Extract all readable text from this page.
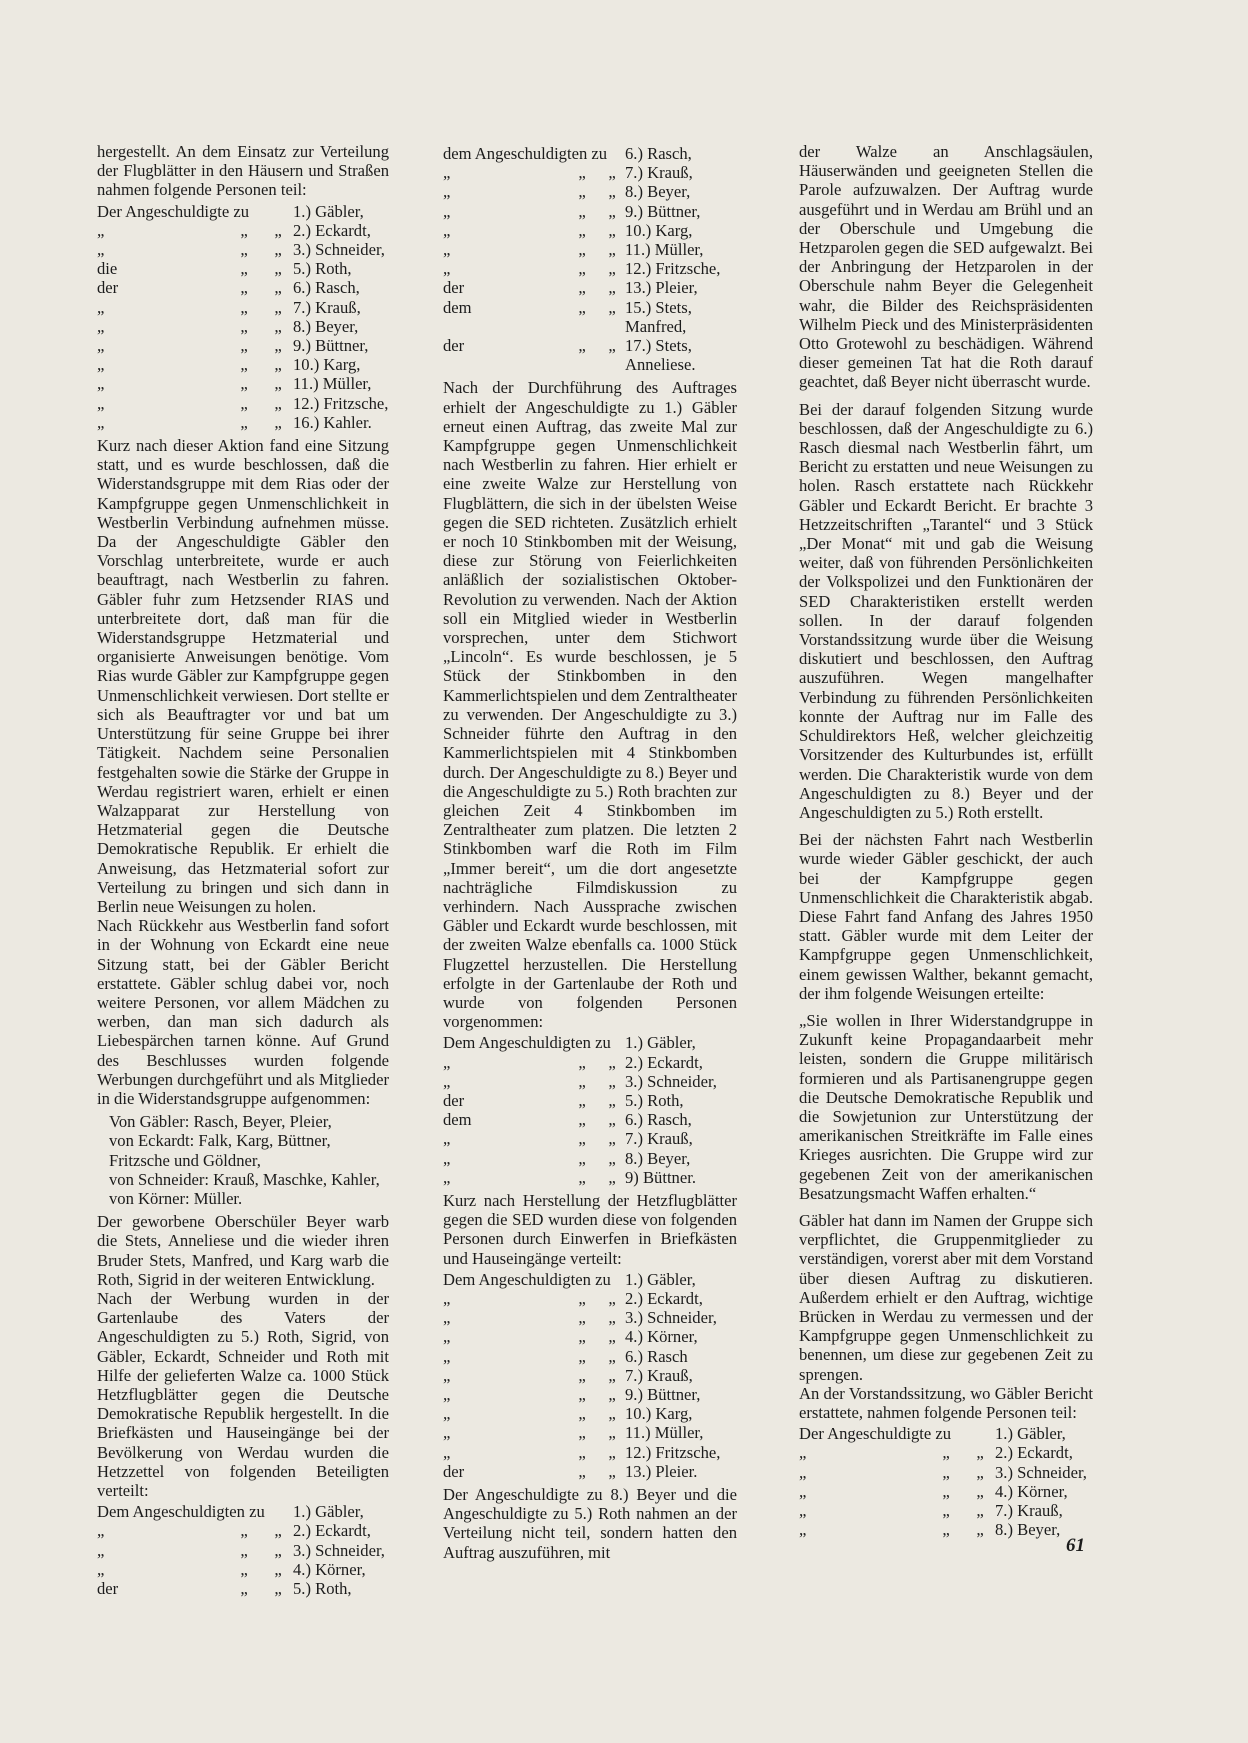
hergestellt. An dem Einsatz zur Verteilung der Flugblätter in den Häusern und Straßen nahmen folgende Personen teil:

Der Angeschuldigte zu	1.) Gäbler,
„	„	„ 2.) Eckardt,
„	„	„ 3.) Schneider,
die	„	„ 5.) Roth,
der	„	„ 6.) Rasch,
„	„	„ 7.) Krauß,
„	„	„ 8.) Beyer,
„	„	„ 9.) Büttner,
„	„	„ 10.) Karg,
„	„	„ 11.) Müller,
„	„	„ 12.) Fritzsche,
„	„	„ 16.) Kahler.

Kurz nach dieser Aktion fand eine Sitzung statt, und es wurde beschlossen, daß die Widerstandsgruppe mit dem Rias oder der Kampfgruppe gegen Unmenschlichkeit in Westberlin Verbindung aufnehmen müsse. Da der Angeschuldigte Gäbler den Vorschlag unterbreitete, wurde er auch beauftragt, nach Westberlin zu fahren. Gäbler fuhr zum Hetzsender RIAS und unterbreitete dort, daß man für die Widerstandsgruppe Hetzmaterial und organisierte Anweisungen benötige. Vom Rias wurde Gäbler zur Kampfgruppe gegen Unmenschlichkeit verwiesen. Dort stellte er sich als Beauftragter vor und bat um Unterstützung für seine Gruppe bei ihrer Tätigkeit. Nachdem seine Personalien festgehalten sowie die Stärke der Gruppe in Werdau registriert waren, erhielt er einen Walzapparat zur Herstellung von Hetzmaterial gegen die Deutsche Demokratische Republik. Er erhielt die Anweisung, das Hetzmaterial sofort zur Verteilung zu bringen und sich dann in Berlin neue Weisungen zu holen.

Nach Rückkehr aus Westberlin fand sofort in der Wohnung von Eckardt eine neue Sitzung statt, bei der Gäbler Bericht erstattete. Gäbler schlug dabei vor, noch weitere Personen, vor allem Mädchen zu werben, dan man sich dadurch als Liebespärchen tarnen könne. Auf Grund des Beschlusses wurden folgende Werbungen durchgeführt und als Mitglieder in die Widerstandsgruppe aufgenommen:

Von Gäbler: Rasch, Beyer, Pleier,
von Eckardt: Falk, Karg, Büttner, Fritzsche und Göldner,
von Schneider: Krauß, Maschke, Kahler,
von Körner: Müller.

Der geworbene Oberschüler Beyer warb die Stets, Anneliese und die wieder ihren Bruder Stets, Manfred, und Karg warb die Roth, Sigrid in der weiteren Entwicklung.

Nach der Werbung wurden in der Gartenlaube des Vaters der Angeschuldigten zu 5.) Roth, Sigrid, von Gäbler, Eckardt, Schneider und Roth mit Hilfe der gelieferten Walze ca. 1000 Stück Hetzflugblätter gegen die Deutsche Demokratische Republik hergestellt. In die Briefkästen und Hauseingänge bei der Bevölkerung von Werdau wurden die Hetzzettel von folgenden Beteiligten verteilt:

Dem Angeschuldigten zu 1.) Gäbler,
„	„	„ 2.) Eckardt,
„	„	„ 3.) Schneider,
„	„	„ 4.) Körner,
der	„	„ 5.) Roth,
dem Angeschuldigten zu 6.) Rasch,
„	„	„ 7.) Krauß,
„	„	„ 8.) Beyer,
„	„	„ 9.) Büttner,
„	„	„ 10.) Karg,
„	„	„ 11.) Müller,
„	„	„ 12.) Fritzsche,
der	„	„ 13.) Pleier,
dem	„	„ 15.) Stets,
Manfred,
der	„	„ 17.) Stets,
Anneliese.

Nach der Durchführung des Auftrages erhielt der Angeschuldigte zu 1.) Gäbler erneut einen Auftrag, das zweite Mal zur Kampfgruppe gegen Unmenschlichkeit nach Westberlin zu fahren. Hier erhielt er eine zweite Walze zur Herstellung von Flugblättern, die sich in der übelsten Weise gegen die SED richteten. Zusätzlich erhielt er noch 10 Stinkbomben mit der Weisung, diese zur Störung von Feierlichkeiten anläßlich der sozialistischen Oktober-Revolution zu verwenden. Nach der Aktion soll ein Mitglied wieder in Westberlin vorsprechen, unter dem Stichwort „Lincoln“. Es wurde beschlossen, je 5 Stück der Stinkbomben in den Kammerlichtspielen und dem Zentraltheater zu verwenden. Der Angeschuldigte zu 3.) Schneider führte den Auftrag in den Kammerlichtspielen mit 4 Stinkbomben durch. Der Angeschuldigte zu 8.) Beyer und die Angeschuldigte zu 5.) Roth brachten zur gleichen Zeit 4 Stinkbomben im Zentraltheater zum platzen. Die letzten 2 Stinkbomben warf die Roth im Film „Immer bereit“, um die dort angesetzte nachträgliche Filmdiskussion zu verhindern. Nach Aussprache zwischen Gäbler und Eckardt wurde beschlossen, mit der zweiten Walze ebenfalls ca. 1000 Stück Flugzettel herzustellen. Die Herstellung erfolgte in der Gartenlaube der Roth und wurde von folgenden Personen vorgenommen:

Dem Angeschuldigten zu 1.) Gäbler,
„	„	„ 2.) Eckardt,
„	„	„ 3.) Schneider,
der	„	„ 5.) Roth,
dem	„	„ 6.) Rasch,
„	„	„ 7.) Krauß,
„	„	„ 8.) Beyer,
„	„	„ 9) Büttner.

Kurz nach Herstellung der Hetzflugblätter gegen die SED wurden diese von folgenden Personen durch Einwerfen in Briefkästen und Hauseingänge verteilt:

Dem Angeschuldigten zu 1.) Gäbler,
„	„	„ 2.) Eckardt,
„	„	„ 3.) Schneider,
„	„	„ 4.) Körner,
„	„	„ 6.) Rasch
„	„	„ 7.) Krauß,
„	„	„ 9.) Büttner,
„	„	„ 10.) Karg,
„	„	„ 11.) Müller,
„	„	„ 12.) Fritzsche,
der	„	„ 13.) Pleier.

Der Angeschuldigte zu 8.) Beyer und die Angeschuldigte zu 5.) Roth nahmen an der Verteilung nicht teil, sondern hatten den Auftrag auszuführen, mit

der Walze an Anschlagsäulen, Häuserwänden und geeigneten Stellen die Parole aufzuwalzen. Der Auftrag wurde ausgeführt und in Werdau am Brühl und an der Oberschule und Umgebung die Hetzparolen gegen die SED aufgewalzt. Bei der Anbringung der Hetzparolen in der Oberschule nahm Beyer die Gelegenheit wahr, die Bilder des Reichspräsidenten Wilhelm Pieck und des Ministerpräsidenten Otto Grotewohl zu beschädigen. Während dieser gemeinen Tat hat die Roth darauf geachtet, daß Beyer nicht überrascht wurde.

Bei der darauf folgenden Sitzung wurde beschlossen, daß der Angeschuldigte zu 6.) Rasch diesmal nach Westberlin fährt, um Bericht zu erstatten und neue Weisungen zu holen. Rasch erstattete nach Rückkehr Gäbler und Eckardt Bericht. Er brachte 3 Hetzzeitschriften „Tarantel“ und 3 Stück „Der Monat“ mit und gab die Weisung weiter, daß von führenden Persönlichkeiten der Volkspolizei und den Funktionären der SED Charakteristiken erstellt werden sollen. In der darauf folgenden Vorstandssitzung wurde über die Weisung diskutiert und beschlossen, den Auftrag auszuführen. Wegen mangelhafter Verbindung zu führenden Persönlichkeiten konnte der Auftrag nur im Falle des Schuldirektors Heß, welcher gleichzeitig Vorsitzender des Kulturbundes ist, erfüllt werden. Die Charakteristik wurde von dem Angeschuldigten zu 8.) Beyer und der Angeschuldigten zu 5.) Roth erstellt.

Bei der nächsten Fahrt nach Westberlin wurde wieder Gäbler geschickt, der auch bei der Kampfgruppe gegen Unmenschlichkeit die Charakteristik abgab. Diese Fahrt fand Anfang des Jahres 1950 statt. Gäbler wurde mit dem Leiter der Kampfgruppe gegen Unmenschlichkeit, einem gewissen Walther, bekannt gemacht, der ihm folgende Weisungen erteilte:

„Sie wollen in Ihrer Widerstandgruppe in Zukunft keine Propagandaarbeit mehr leisten, sondern die Gruppe militärisch formieren und als Partisanengruppe gegen die Deutsche Demokratische Republik und die Sowjetunion zur Unterstützung der amerikanischen Streitkräfte im Falle eines Krieges ausrichten. Die Gruppe wird zur gegebenen Zeit von der amerikanischen Besatzungsmacht Waffen erhalten.“

Gäbler hat dann im Namen der Gruppe sich verpflichtet, die Gruppenmitglieder zu verständigen, vorerst aber mit dem Vorstand über diesen Auftrag zu diskutieren. Außerdem erhielt er den Auftrag, wichtige Brücken in Werdau zu vermessen und der Kampfgruppe gegen Unmenschlichkeit zu benennen, um diese zur gegebenen Zeit zu sprengen.

An der Vorstandssitzung, wo Gäbler Bericht erstattete, nahmen folgende Personen teil:

Der Angeschuldigte zu	1.) Gäbler,
„	„	„ 2.) Eckardt,
„	„	„ 3.) Schneider,
„	„	„ 4.) Körner,
„	„	„ 7.) Krauß,
„	„	„ 8.) Beyer,
61
